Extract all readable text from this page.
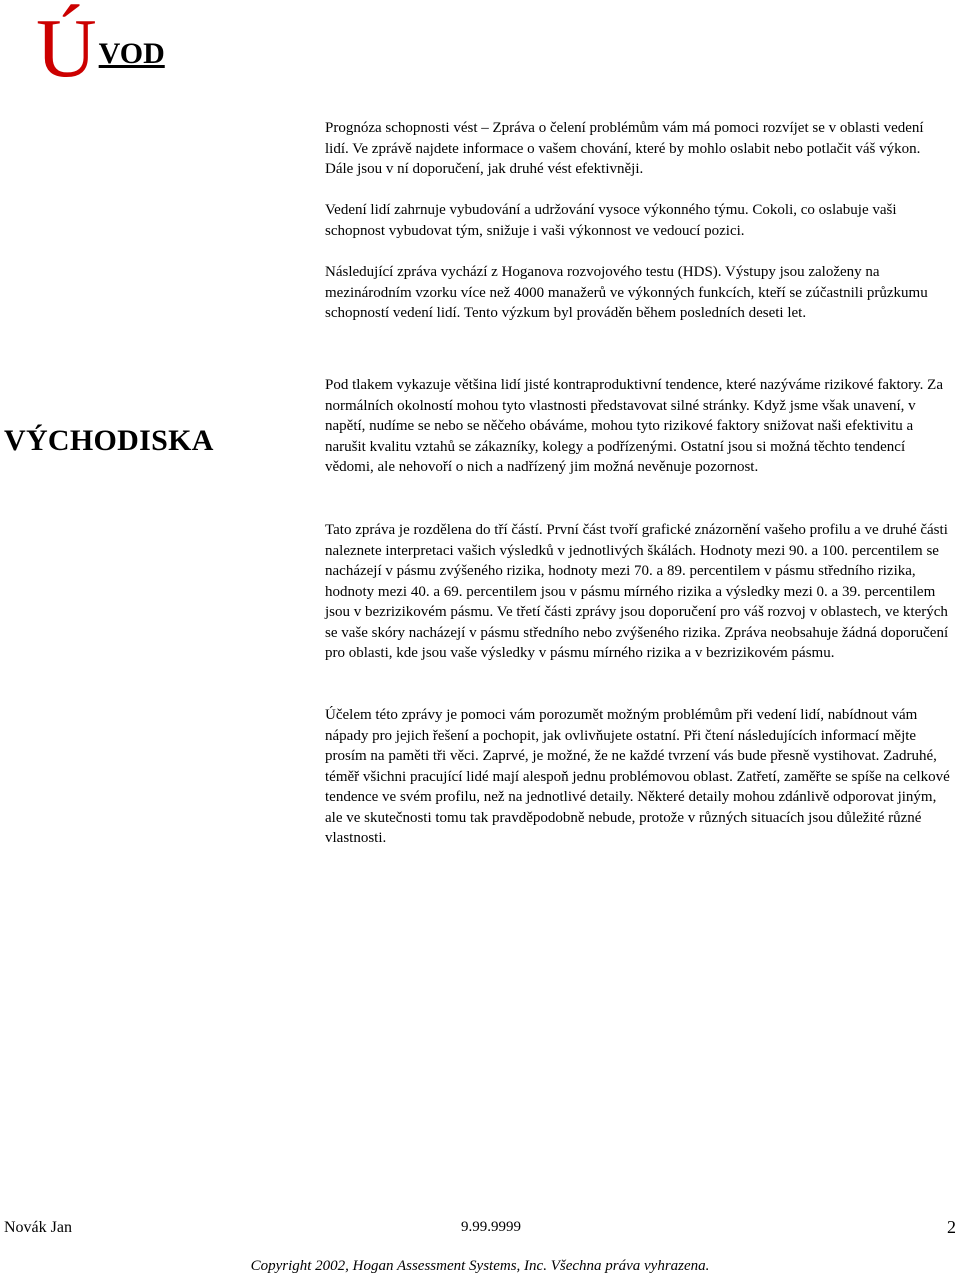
ÚVOD

Prognóza schopnosti vést – Zpráva o čelení problémům vám má pomoci rozvíjet se v oblasti vedení lidí. Ve zprávě najdete informace o vašem chování, které by mohlo oslabit nebo potlačit váš výkon. Dále jsou v ní doporučení, jak druhé vést efektivněji.

Vedení lidí zahrnuje vybudování a udržování vysoce výkonného týmu. Cokoli, co oslabuje vaši schopnost vybudovat tým, snižuje i vaši výkonnost ve vedoucí pozici.

Následující zpráva vychází z Hoganova rozvojového testu (HDS). Výstupy jsou založeny na mezinárodním vzorku více než 4000 manažerů ve výkonných funkcích, kteří se zúčastnili průzkumu schopností vedení lidí. Tento výzkum byl prováděn během posledních deseti let.

VÝCHODISKA

Pod tlakem vykazuje většina lidí jisté kontraproduktivní tendence, které nazýváme rizikové faktory. Za normálních okolností mohou tyto vlastnosti představovat silné stránky. Když jsme však unavení, v napětí, nudíme se nebo se něčeho obáváme, mohou tyto rizikové faktory snižovat naši efektivitu a narušit kvalitu vztahů se zákazníky, kolegy a podřízenými. Ostatní jsou si možná těchto tendencí vědomi, ale nehovoří o nich a nadřízený jim možná nevěnuje pozornost.

Tato zpráva je rozdělena do tří částí. První část tvoří grafické znázornění vašeho profilu a ve druhé části naleznete interpretaci vašich výsledků v jednotlivých škálách. Hodnoty mezi 90. a 100. percentilem se nacházejí v pásmu zvýšeného rizika, hodnoty mezi 70. a 89. percentilem v pásmu středního rizika, hodnoty mezi 40. a 69. percentilem jsou v pásmu mírného rizika a výsledky mezi 0. a 39. percentilem jsou v bezrizikovém pásmu. Ve třetí části zprávy jsou doporučení pro váš rozvoj v oblastech, ve kterých se vaše skóry nacházejí v pásmu středního nebo zvýšeného rizika. Zpráva neobsahuje žádná doporučení pro oblasti, kde jsou vaše výsledky v pásmu mírného rizika a v bezrizikovém pásmu.

Účelem této zprávy je pomoci vám porozumět možným problémům při vedení lidí, nabídnout vám nápady pro jejich řešení a pochopit, jak ovlivňujete ostatní. Při čtení následujících informací mějte prosím na paměti tři věci. Zaprvé, je možné, že ne každé tvrzení vás bude přesně vystihovat. Zadruhé, téměř všichni pracující lidé mají alespoň jednu problémovou oblast. Zatřetí, zaměřte se spíše na celkové tendence ve svém profilu, než na jednotlivé detaily. Některé detaily mohou zdánlivě odporovat jiným, ale ve skutečnosti tomu tak pravděpodobně nebude, protože v různých situacích jsou důležité různé vlastnosti.

Novák Jan	9.99.9999	2
Copyright 2002, Hogan Assessment Systems, Inc. Všechna práva vyhrazena.
